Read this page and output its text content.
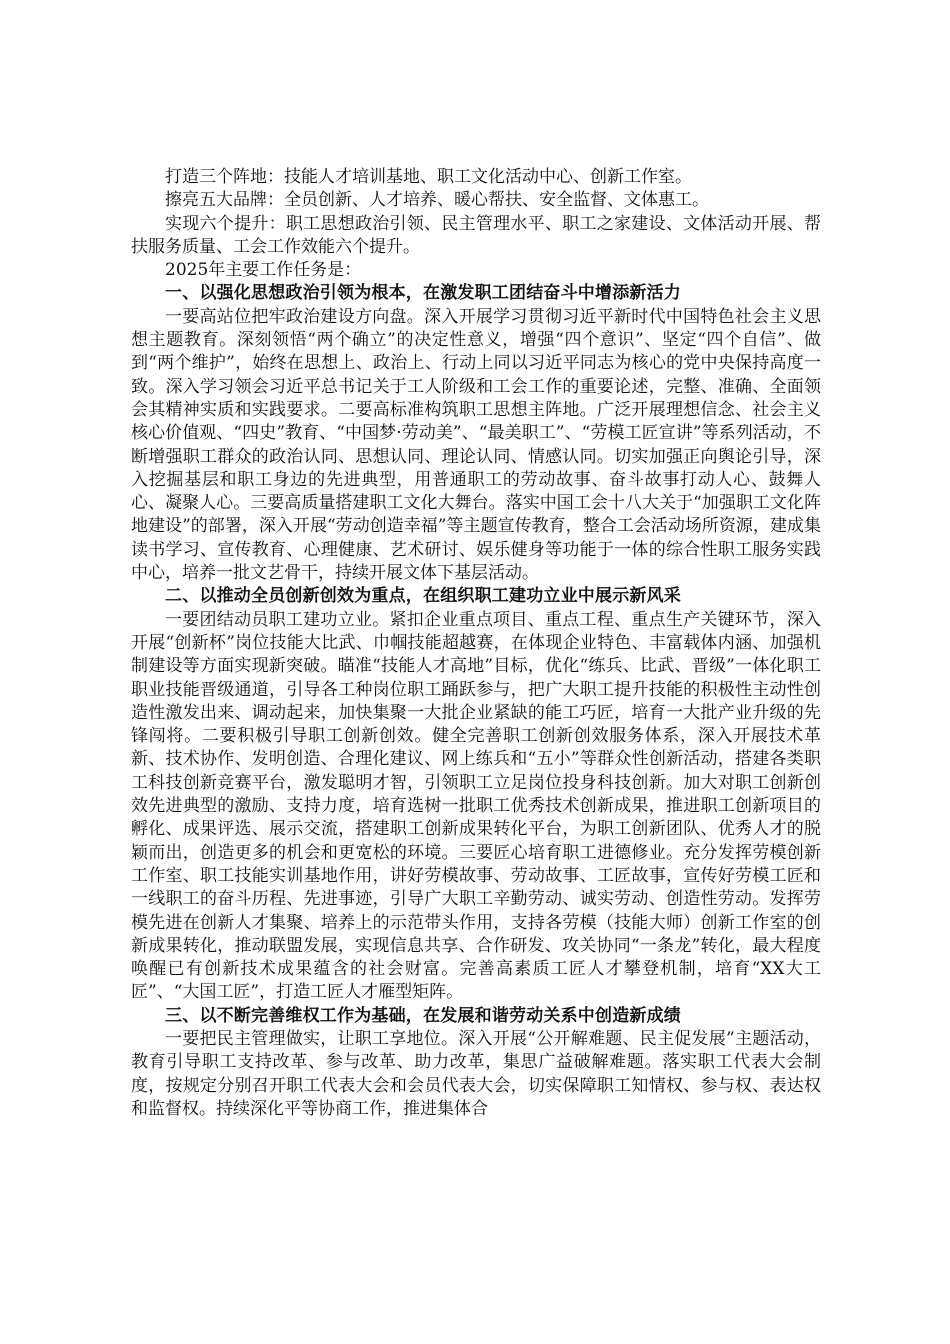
打造三个阵地：技能人才培训基地、职工文化活动中心、创新工作室。

擦亮五大品牌：全员创新、人才培养、暖心帮扶、安全监督、文体惠工。

实现六个提升：职工思想政治引领、民主管理水平、职工之家建设、文体活动开展、帮扶服务质量、工会工作效能六个提升。

2025年主要工作任务是：

一、以强化思想政治引领为根本，在激发职工团结奋斗中增添新活力

一要高站位把牢政治建设方向盘。深入开展学习贯彻习近平新时代中国特色社会主义思想主题教育。深刻领悟“两个确立”的决定性意义，增强“四个意识”、坚定“四个自信”、做到“两个维护”，始终在思想上、政治上、行动上同以习近平同志为核心的党中央保持高度一致。深入学习领会习近平总书记关于工人阶级和工会工作的重要论述，完整、准确、全面领会其精神实质和实践要求。二要高标准构筑职工思想主阵地。广泛开展理想信念、社会主义核心价值观、“四史”教育、“中国梦·劳动美”、“最美职工”、“劳模工匠宣讲”等系列活动，不断增强职工群众的政治认同、思想认同、理论认同、情感认同。切实加强正向舆论引导，深入挖掘基层和职工身边的先进典型，用普通职工的劳动故事、奋斗故事打动人心、鼓舞人心、凝聚人心。三要高质量搭建职工文化大舞台。落实中国工会十八大关于“加强职工文化阵地建设”的部署，深入开展“劳动创造幸福”等主题宣传教育，整合工会活动场所资源，建成集读书学习、宣传教育、心理健康、艺术研讨、娱乐健身等功能于一体的综合性职工服务实践中心，培养一批文艺骨干，持续开展文体下基层活动。

二、以推动全员创新创效为重点，在组织职工建功立业中展示新风采

一要团结动员职工建功立业。紧扣企业重点项目、重点工程、重点生产关键环节，深入开展“创新杯”岗位技能大比武、巾帼技能超越赛，在体现企业特色、丰富载体内涵、加强机制建设等方面实现新突破。瞄准“技能人才高地”目标，优化“练兵、比武、晋级”一体化职工职业技能晋级通道，引导各工种岗位职工踊跃参与，把广大职工提升技能的积极性主动性创造性激发出来、调动起来，加快集聚一大批企业紧缺的能工巧匠，培育一大批产业升级的先锋闯将。二要积极引导职工创新创效。健全完善职工创新创效服务体系，深入开展技术革新、技术协作、发明创造、合理化建议、网上练兵和“五小”等群众性创新活动，搭建各类职工科技创新竞赛平台，激发聪明才智，引领职工立足岗位投身科技创新。加大对职工创新创效先进典型的激励、支持力度，培育选树一批职工优秀技术创新成果，推进职工创新项目的孵化、成果评选、展示交流，搭建职工创新成果转化平台，为职工创新团队、优秀人才的脱颖而出，创造更多的机会和更宽松的环境。三要匠心培育职工进德修业。充分发挥劳模创新工作室、职工技能实训基地作用，讲好劳模故事、劳动故事、工匠故事，宣传好劳模工匠和一线职工的奋斗历程、先进事迹，引导广大职工辛勤劳动、诚实劳动、创造性劳动。发挥劳模先进在创新人才集聚、培养上的示范带头作用，支持各劳模（技能大师）创新工作室的创新成果转化，推动联盟发展，实现信息共享、合作研发、攻关协同“一条龙”转化，最大程度唤醒已有创新技术成果蕴含的社会财富。完善高素质工匠人才攀登机制，培育“XX大工匠”、“大国工匠”，打造工匠人才雁型矩阵。

三、以不断完善维权工作为基础，在发展和谐劳动关系中创造新成绩

一要把民主管理做实，让职工享地位。深入开展“公开解难题、民主促发展”主题活动，教育引导职工支持改革、参与改革、助力改革，集思广益破解难题。落实职工代表大会制度，按规定分别召开职工代表大会和会员代表大会，切实保障职工知情权、参与权、表达权和监督权。持续深化平等协商工作，推进集体合
